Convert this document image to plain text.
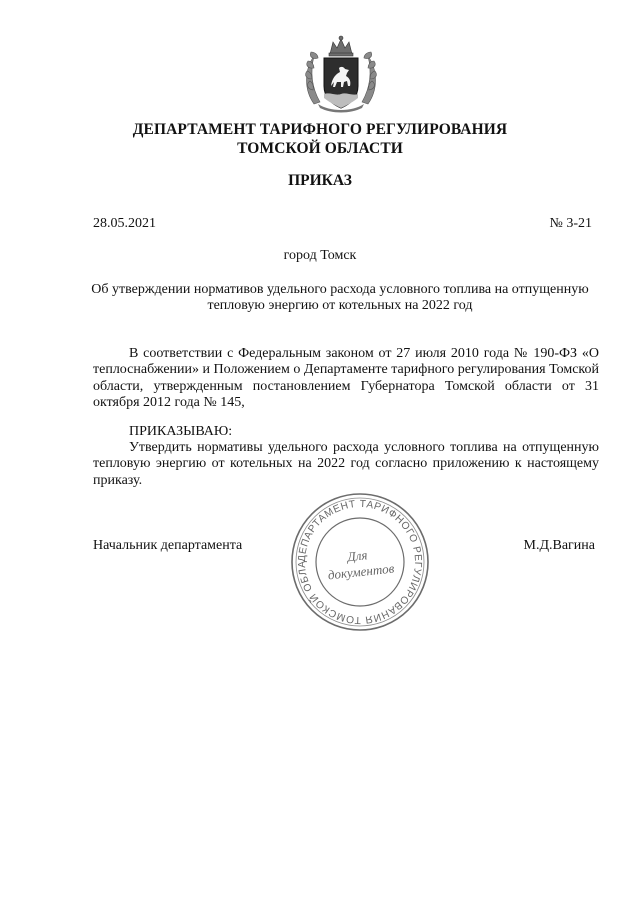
ДЕПАРТАМЕНТ ТАРИФНОГО РЕГУЛИРОВАНИЯ
ТОМСКОЙ ОБЛАСТИ
ПРИКАЗ
28.05.2021	№ 3-21
город Томск
Об утверждении нормативов удельного расхода условного топлива на отпущенную тепловую энергию от котельных на 2022 год
В соответствии с Федеральным законом от 27 июля 2010 года № 190-ФЗ «О теплоснабжении» и Положением о Департаменте тарифного регулирования Томской области, утвержденным постановлением Губернатора Томской области от 31 октября 2012 года № 145,
ПРИКАЗЫВАЮ:
Утвердить нормативы удельного расхода условного топлива на отпущенную тепловую энергию от котельных на 2022 год согласно приложению к настоящему приказу.
Начальник департамента	М.Д.Вагина
ДЕПАРТАМЕНТ ТАРИФНОГО РЕГУЛИРОВАНИЯ ТОМСКОЙ ОБЛА	Для
документов
